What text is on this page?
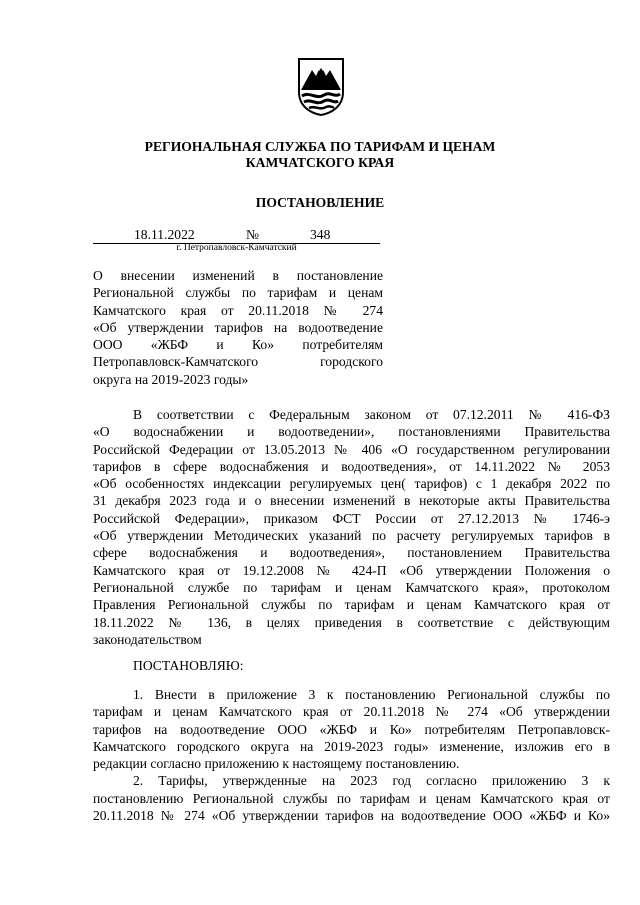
РЕГИОНАЛЬНАЯ СЛУЖБА ПО ТАРИФАМ И ЦЕНАМ
КАМЧАТСКОГО КРАЯ
ПОСТАНОВЛЕНИЕ
18.11.2022	№	348
г. Петропавловск-Камчатский
О внесении изменений в постановление
Региональной службы по тарифам и ценам
Камчатского края от 20.11.2018 № 274
«Об утверждении тарифов на водоотведение
ООО «ЖБФ и Ко» потребителям
Петропавловск-Камчатского городского
округа на 2019-2023 годы»
В соответствии с Федеральным законом от 07.12.2011 № 416-ФЗ
«О водоснабжении и водоотведении», постановлениями Правительства
Российской Федерации от 13.05.2013 № 406 «О государственном регулировании
тарифов в сфере водоснабжения и водоотведения», от 14.11.2022 № 2053
«Об особенностях индексации регулируемых цен( тарифов) с 1 декабря 2022 по
31 декабря 2023 года и о внесении изменений в некоторые акты Правительства
Российской Федерации», приказом ФСТ России от 27.12.2013 № 1746-э
«Об утверждении Методических указаний по расчету регулируемых тарифов в
сфере водоснабжения и водоотведения», постановлением Правительства
Камчатского края от 19.12.2008 № 424-П «Об утверждении Положения о
Региональной службе по тарифам и ценам Камчатского края», протоколом
Правления Региональной службы по тарифам и ценам Камчатского края от
18.11.2022 № 136, в целях приведения в соответствие с действующим
законодательством
ПОСТАНОВЛЯЮ:
1. Внести в приложение 3 к постановлению Региональной службы по
тарифам и ценам Камчатского края от 20.11.2018 № 274 «Об утверждении
тарифов на водоотведение ООО «ЖБФ и Ко» потребителям Петропавловск-
Камчатского городского округа на 2019-2023 годы» изменение, изложив его в
редакции согласно приложению к настоящему постановлению.
2. Тарифы, утвержденные на 2023 год согласно приложению 3 к
постановлению Региональной службы по тарифам и ценам Камчатского края от
20.11.2018 № 274 «Об утверждении тарифов на водоотведение ООО «ЖБФ и Ко»
